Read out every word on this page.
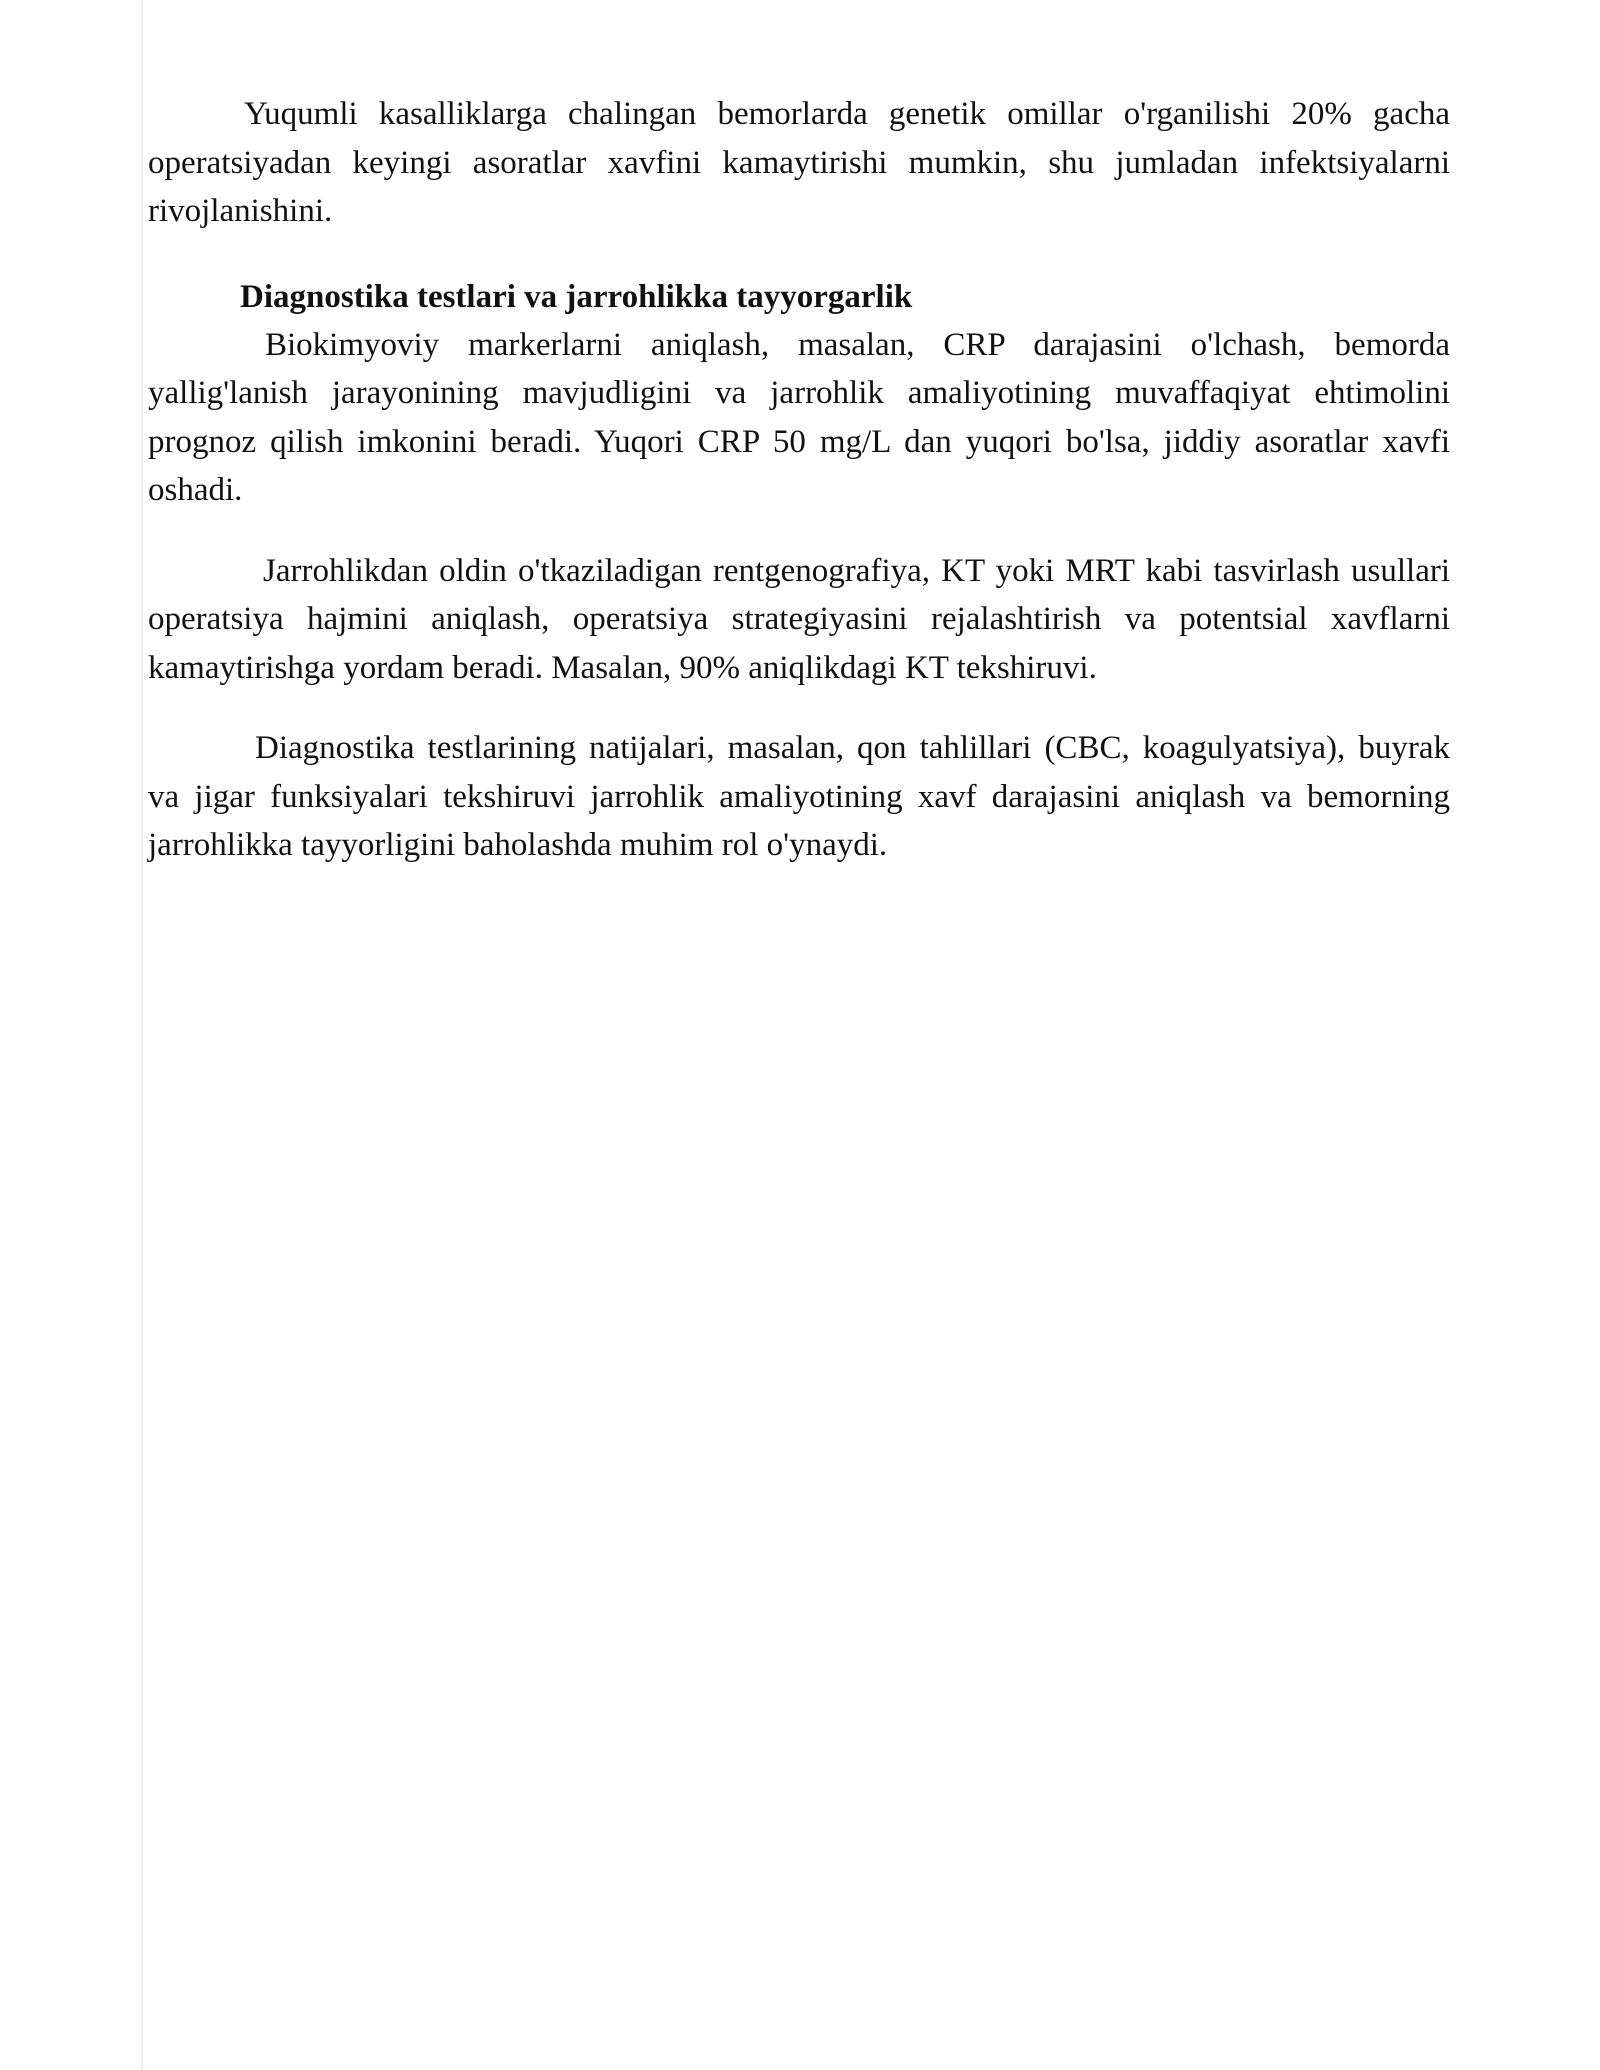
Yuqumli kasalliklarga chalingan bemorlarda genetik omillar o'rganilishi 20% gacha operatsiyadan keyingi asoratlar xavfini kamaytirishi mumkin, shu jumladan infektsiyalarni rivojlanishini.

Diagnostika testlari va jarrohlikka tayyorgarlik

Biokimyoviy markerlarni aniqlash, masalan, CRP darajasini o'lchash, bemorda yallig'lanish jarayonining mavjudligini va jarrohlik amaliyotining muvaffaqiyat ehtimolini prognoz qilish imkonini beradi. Yuqori CRP 50 mg/L dan yuqori bo'lsa, jiddiy asoratlar xavfi oshadi.

Jarrohlikdan oldin o'tkaziladigan rentgenografiya, KT yoki MRT kabi tasvirlash usullari operatsiya hajmini aniqlash, operatsiya strategiyasini rejalashtirish va potentsial xavflarni kamaytirishga yordam beradi. Masalan, 90% aniqlikdagi KT tekshiruvi.

Diagnostika testlarining natijalari, masalan, qon tahlillari (CBC, koagulyatsiya), buyrak va jigar funksiyalari tekshiruvi jarrohlik amaliyotining xavf darajasini aniqlash va bemorning jarrohlikka tayyorligini baholashda muhim rol o'ynaydi.
